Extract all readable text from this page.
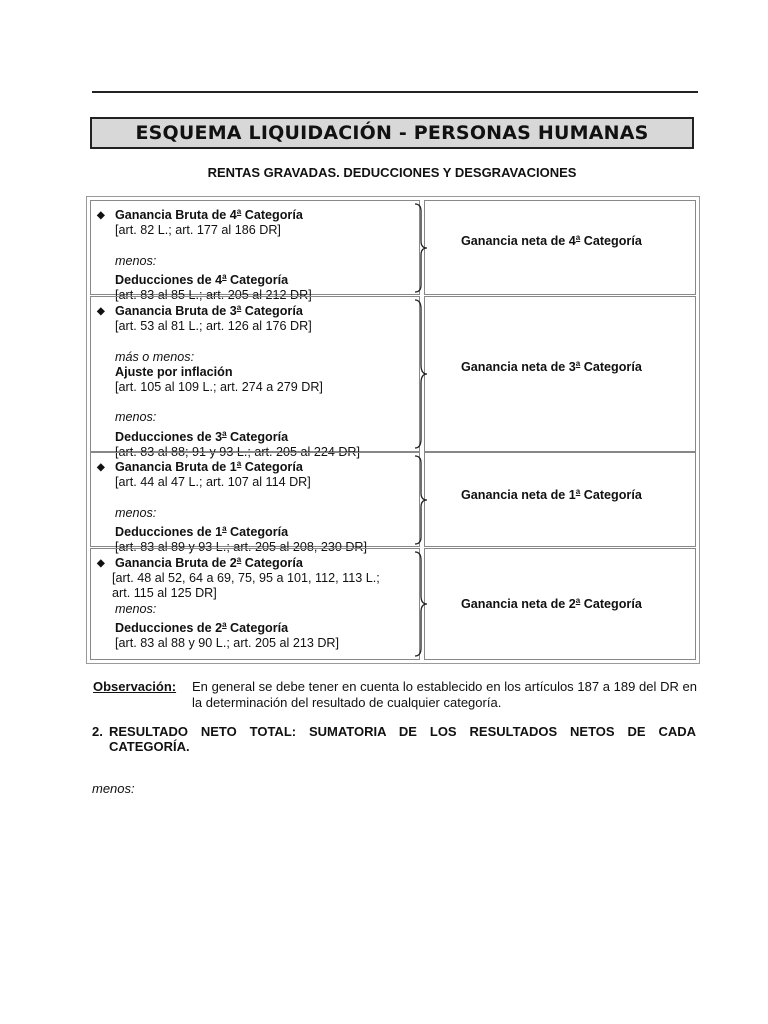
ESQUEMA LIQUIDACIÓN - PERSONAS HUMANAS
RENTAS GRAVADAS. DEDUCCIONES Y DESGRAVACIONES
◆ Ganancia Bruta de 4$^a$ Categoría
[art. 82 L.; art. 177 al 186 DR]
menos:
Deducciones de 4$^a$ Categoría
[art. 83 al 85 L.; art. 205 al 212 DR]
Ganancia neta de 4$^a$ Categoría
◆ Ganancia Bruta de 3$^a$ Categoría
[art. 53 al 81 L.; art. 126 al 176 DR]
más o menos:
Ajuste por inflación
[art. 105 al 109 L.; art. 274 a 279 DR]
menos:
Deducciones de 3$^a$ Categoría
[art. 83 al 88; 91 y 93 L.; art. 205 al 224 DR]
Ganancia neta de 3$^a$ Categoría
◆ Ganancia Bruta de 1$^a$ Categoría
[art. 44 al 47 L.; art. 107 al 114 DR]
menos:
Deducciones de 1$^a$ Categoría
[art. 83 al 89 y 93 L.; art. 205 al 208, 230 DR]
Ganancia neta de 1$^a$ Categoría
◆ Ganancia Bruta de 2$^a$ Categoría
[art. 48 al 52, 64 a 69, 75, 95 a 101, 112, 113 L.;
art. 115 al 125 DR]
menos:
Deducciones de 2$^a$ Categoría
[art. 83 al 88 y 90 L.; art. 205 al 213 DR]
Ganancia neta de 2$^a$ Categoría
Observación: En general se debe tener en cuenta lo establecido en los artículos 187 a 189 del DR en la determinación del resultado de cualquier categoría.
2. RESULTADO NETO TOTAL: SUMATORIA DE LOS RESULTADOS NETOS DE CADA CATEGORÍA.
menos:
